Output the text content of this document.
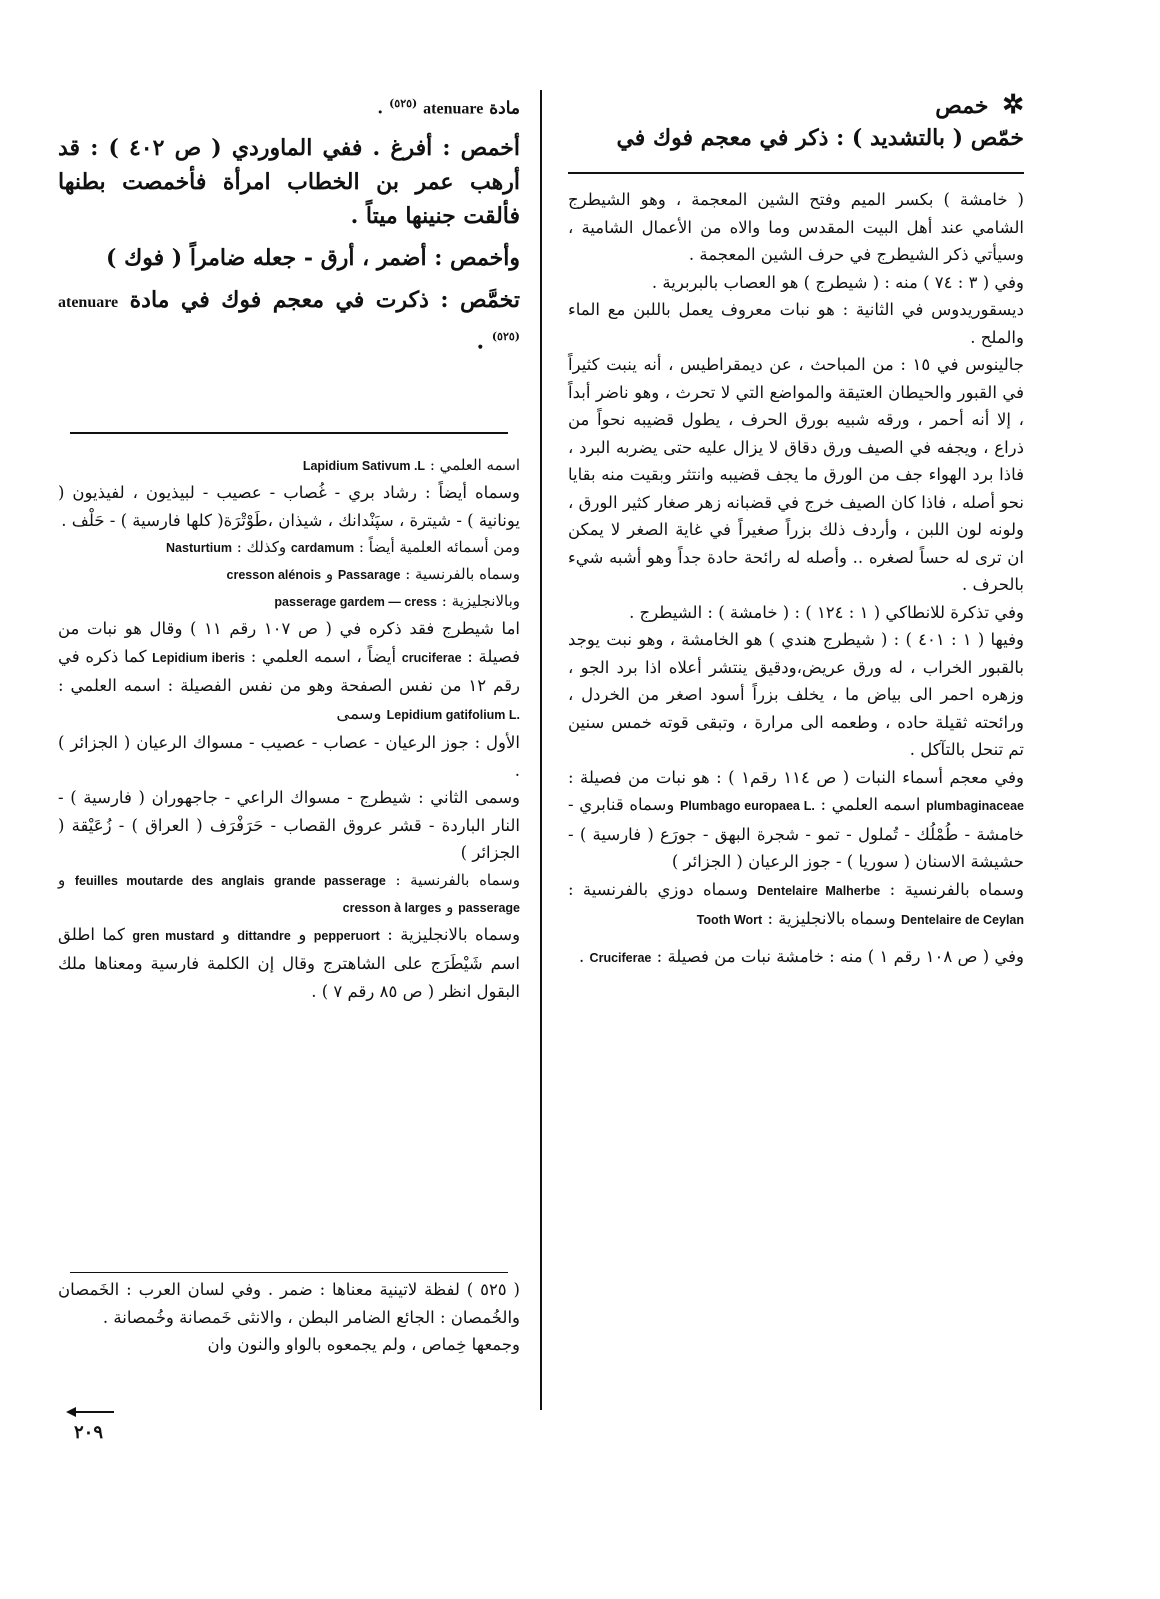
✲ خمص
خمّص ( بالتشديد ) : ذكر في معجم فوك في

( خامشة ) بكسر الميم وفتح الشين المعجمة ، وهو الشيطرج الشامي عند أهل البيت المقدس وما والاه من الأعمال الشامية ، وسيأتي ذكر الشيطرج في حرف الشين المعجمة .

وفي ( ٣ : ٧٤ ) منه : ( شيطرج ) هو العصاب بالبربرية .

ديسقوريدوس في الثانية : هو نبات معروف يعمل باللبن مع الماء والملح .

جالينوس في ١٥ : من المباحث ، عن ديمقراطيس ، أنه ينبت كثيراً في القبور والحيطان العتيقة والمواضع التي لا تحرث ، وهو ناضر أبداً ، إلا أنه أحمر ، ورقه شبيه بورق الحرف ، يطول قضيبه نحواً من ذراع ، ويجفه في الصيف ورق دقاق لا يزال عليه حتى يضربه البرد ، فاذا برد الهواء جف من الورق ما يجف قضيبه وانتثر وبقيت منه بقايا نحو أصله ، فاذا كان الصيف خرج في قضبانه زهر صغار كثير الورق ، ولونه لون اللبن ، وأردف ذلك بزراً صغيراً في غاية الصغر لا يمكن ان ترى له حساً لصغره .. وأصله له رائحة حادة جداً وهو أشبه شيء بالحرف .

وفي تذكرة للانطاكي ( ١ : ١٢٤ ) : ( خامشة ) : الشيطرج .

وفيها ( ١ : ٤٠١ ) : ( شيطرج هندي ) هو الخامشة ، وهو نبت يوجد بالقبور الخراب ، له ورق عريض،ودقيق ينتشر أعلاه اذا برد الجو ، وزهره احمر الى بياض ما ، يخلف بزراً أسود اصغر من الخردل ، ورائحته ثقيلة حاده ، وطعمه الى مرارة ، وتبقى قوته خمس سنين تم تنحل بالتآكل .

وفي معجم أسماء النبات ( ص ١١٤ رقم١ ) : هو نبات من فصيلة : plumbaginaceae اسمه العلمي : Plumbago europaea L. وسماه قنابري - خامشة - طُمْلُك - تُملول - تمو - شجرة البهق - جورَع ( فارسية ) - حشيشة الاسنان ( سوريا ) - جوز الرعيان ( الجزائر )

وسماه بالفرنسية : Dentelaire Malherbe وسماه دوزي بالفرنسية : Dentelaire de Ceylan وسماه بالانجليزية : Tooth Wort

وفي ( ص ١٠٨ رقم ١ ) منه : خامشة نبات من فصيلة : Cruciferae .

مادة atenuare $^{(٥٢٥)}$ .
أخمص : أفرغ . ففي الماوردي ( ص ٤٠٢ ) : قد أرهب عمر بن الخطاب امرأة فأخمصت بطنها فألقت جنينها ميتاً .
وأخمص : أضمر ، أرق - جعله ضامراً ( فوك )
تخمَّص : ذكرت في معجم فوك في مادة atenuare $^{(٥٢٥)}$ .

اسمه العلمي : Lapidium Sativum .L

وسماه أيضاً : رشاد بري - غُصاب - عصيب - لبيذيون ، لفيذيون ( يونانية ) - شيترة ، سپَنْدانك ، شيذان ،طَوْتْرَة( كلها فارسية ) - حَلْف .

ومن أسمائه العلمية أيضاً : cardamum وكذلك : Nasturtium

وسماه بالفرنسية : Passarage و cresson alénois

وبالانجليزية : passerage gardem — cress

اما شيطرج فقد ذكره في ( ص ١٠٧ رقم ١١ ) وقال هو نبات من فصيلة : cruciferae أيضاً ، اسمه العلمي : Lepidium iberis كما ذكره في رقم ١٢ من نفس الصفحة وهو من نفس الفصيلة : اسمه العلمي : Lepidium gatifolium L. وسمى

الأول : جوز الرعيان - عصاب - عصيب - مسواك الرعيان ( الجزائر ) .

وسمى الثاني : شيطرج - مسواك الراعي - جاجهوران ( فارسية ) - النار الباردة - قشر عروق القصاب - حَرَفْرَف ( العراق ) - زُعَيْقة ( الجزائر )

وسماه بالفرنسية : feuilles moutarde des anglais grande passerage و passerage و cresson à larges

وسماه بالانجليزية : pepperuort و dittandre و gren mustard كما اطلق اسم شَيْطَرَج على الشاهترج وقال إن الكلمة فارسية ومعناها ملك البقول انظر ( ص ٨٥ رقم ٧ ) .

( ٥٢٥ ) لفظة لاتينية معناها : ضمر . وفي لسان العرب : الخَمصان والخُمصان : الجائع الضامر البطن ، والانثى خَمصانة وخُمصانة .

وجمعها خِماص ، ولم يجمعوه بالواو والنون وان

٢٠٩
